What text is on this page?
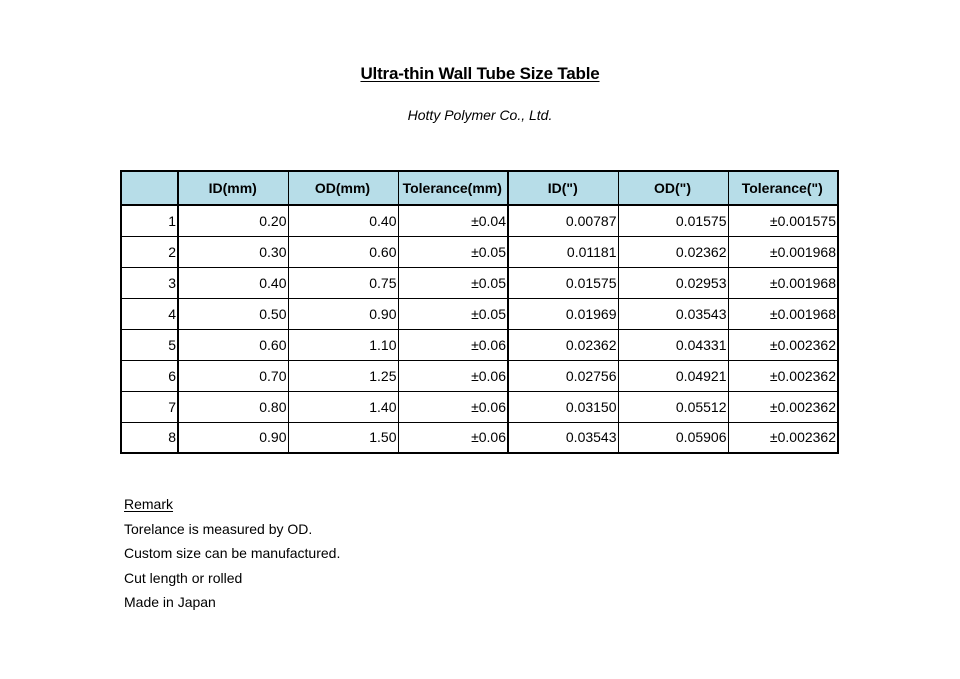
Ultra-thin Wall Tube Size Table
Hotty Polymer Co., Ltd.
	ID(mm)	OD(mm)	Tolerance(mm)	ID(")	OD(")	Tolerance(")
1	0.20	0.40	±0.04	0.00787	0.01575	±0.001575
2	0.30	0.60	±0.05	0.01181	0.02362	±0.001968
3	0.40	0.75	±0.05	0.01575	0.02953	±0.001968
4	0.50	0.90	±0.05	0.01969	0.03543	±0.001968
5	0.60	1.10	±0.06	0.02362	0.04331	±0.002362
6	0.70	1.25	±0.06	0.02756	0.04921	±0.002362
7	0.80	1.40	±0.06	0.03150	0.05512	±0.002362
8	0.90	1.50	±0.06	0.03543	0.05906	±0.002362
Remark
Torelance is measured by OD.
Custom size can be manufactured.
Cut length or rolled
Made in Japan
